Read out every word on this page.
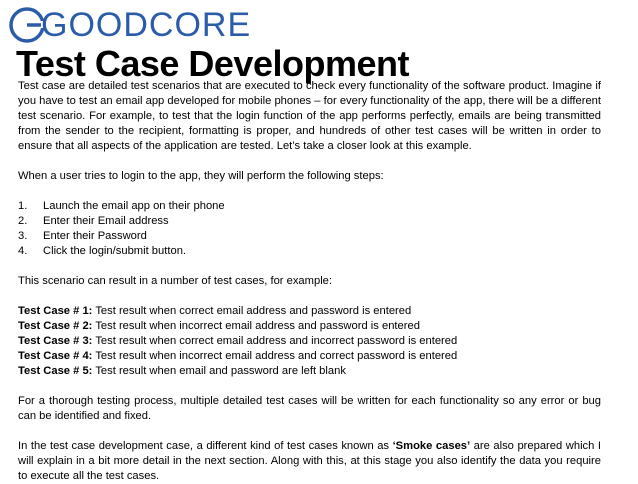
GOODCORE
Test Case Development

Test case are detailed test scenarios that are executed to check every functionality of the software product. Imagine if you have to test an email app developed for mobile phones – for every functionality of the app, there will be a different test scenario. For example, to test that the login function of the app performs perfectly, emails are being transmitted from the sender to the recipient, formatting is proper, and hundreds of other test cases will be written in order to ensure that all aspects of the application are tested. Let’s take a closer look at this example.

When a user tries to login to the app, they will perform the following steps:

1.	Launch the email app on their phone
2.	Enter their Email address
3.	Enter their Password
4.	Click the login/submit button.

This scenario can result in a number of test cases, for example:

Test Case # 1: Test result when correct email address and password is entered
Test Case # 2: Test result when incorrect email address and password is entered
Test Case # 3: Test result when correct email address and incorrect password is entered
Test Case # 4: Test result when incorrect email address and correct password is entered
Test Case # 5: Test result when email and password are left blank

For a thorough testing process, multiple detailed test cases will be written for each functionality so any error or bug can be identified and fixed.

In the test case development case, a different kind of test cases known as ‘Smoke cases’ are also prepared which I will explain in a bit more detail in the next section. Along with this, at this stage you also identify the data you require to execute all the test cases.
